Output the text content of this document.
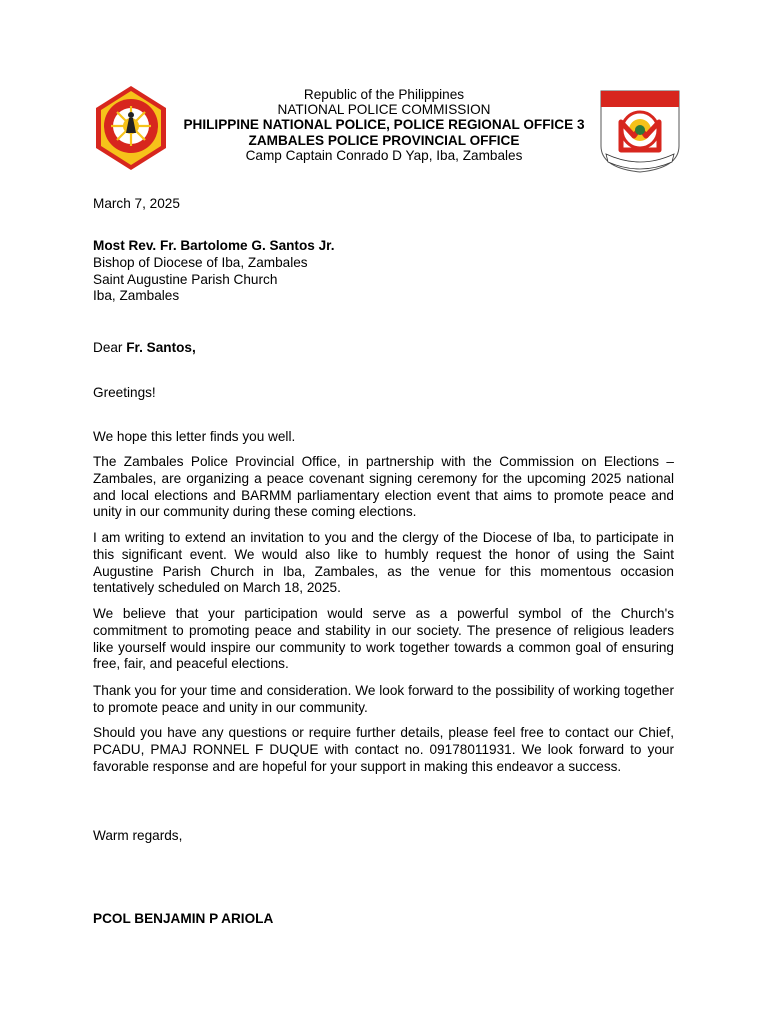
Republic of the Philippines
NATIONAL POLICE COMMISSION
PHILIPPINE NATIONAL POLICE, POLICE REGIONAL OFFICE 3
ZAMBALES POLICE PROVINCIAL OFFICE
Camp Captain Conrado D Yap, Iba, Zambales
March 7, 2025
Most Rev. Fr. Bartolome G. Santos Jr.
Bishop of Diocese of Iba, Zambales
Saint Augustine Parish Church
Iba, Zambales
Dear Fr. Santos,
Greetings!
We hope this letter finds you well.
The Zambales Police Provincial Office, in partnership with the Commission on Elections – Zambales, are organizing a peace covenant signing ceremony for the upcoming 2025 national and local elections and BARMM parliamentary election event that aims to promote peace and unity in our community during these coming elections.
I am writing to extend an invitation to you and the clergy of the Diocese of Iba, to participate in this significant event. We would also like to humbly request the honor of using the Saint Augustine Parish Church in Iba, Zambales, as the venue for this momentous occasion tentatively scheduled on March 18, 2025.
We believe that your participation would serve as a powerful symbol of the Church's commitment to promoting peace and stability in our society. The presence of religious leaders like yourself would inspire our community to work together towards a common goal of ensuring free, fair, and peaceful elections.
Thank you for your time and consideration. We look forward to the possibility of working together to promote peace and unity in our community.
Should you have any questions or require further details, please feel free to contact our Chief, PCADU, PMAJ RONNEL F DUQUE with contact no. 09178011931. We look forward to your favorable response and are hopeful for your support in making this endeavor a success.
Warm regards,
PCOL BENJAMIN P ARIOLA
